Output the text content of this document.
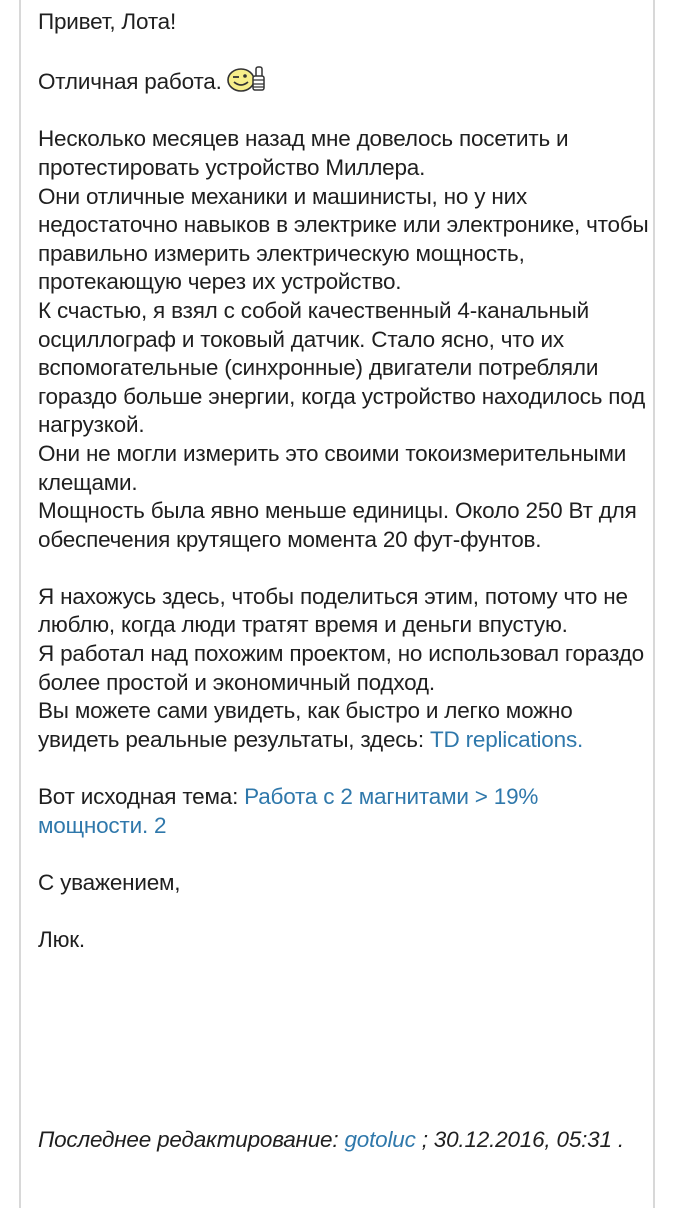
Привет, Лота!

Отличная работа.

Несколько месяцев назад мне довелось посетить и протестировать устройство Миллера.

Они отличные механики и машинисты, но у них недостаточно навыков в электрике или электронике, чтобы правильно измерить электрическую мощность, протекающую через их устройство.

К счастью, я взял с собой качественный 4-канальный осциллограф и токовый датчик. Стало ясно, что их вспомогательные (синхронные) двигатели потребляли гораздо больше энергии, когда устройство находилось под нагрузкой.

Они не могли измерить это своими токоизмерительными клещами.

Мощность была явно меньше единицы. Около 250 Вт для обеспечения крутящего момента 20 фут-фунтов.

Я нахожусь здесь, чтобы поделиться этим, потому что не люблю, когда люди тратят время и деньги впустую.

Я работал над похожим проектом, но использовал гораздо более простой и экономичный подход.

Вы можете сами увидеть, как быстро и легко можно увидеть реальные результаты, здесь: TD replications.

Вот исходная тема: Работа с 2 магнитами > 19% мощности. 2

С уважением,

Люк.

Последнее редактирование: gotoluc ; 30.12.2016, 05:31 .
